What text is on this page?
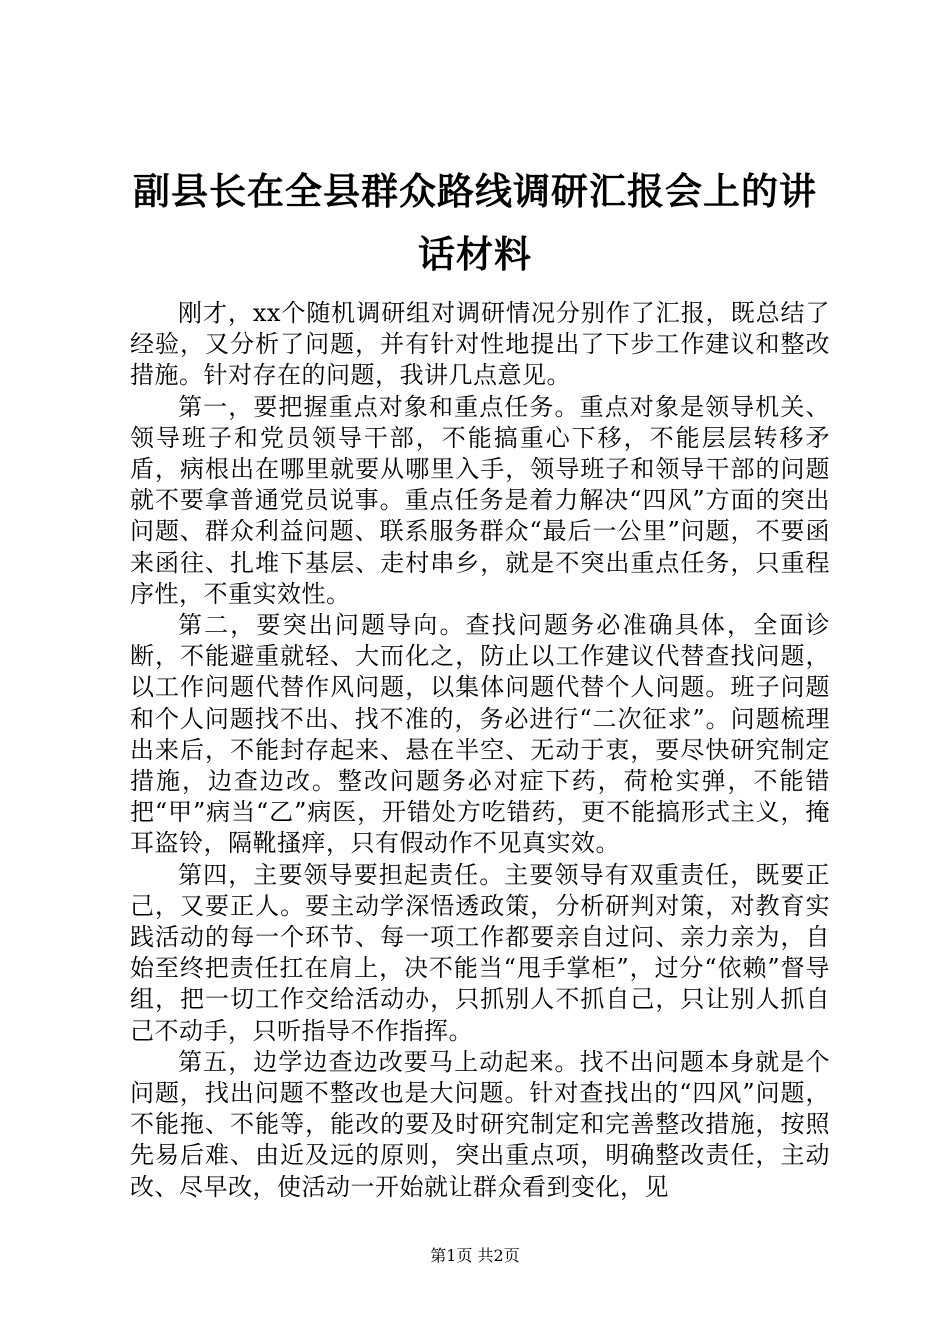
副县长在全县群众路线调研汇报会上的讲话材料

刚才，xx个随机调研组对调研情况分别作了汇报，既总结了经验，又分析了问题，并有针对性地提出了下步工作建议和整改措施。针对存在的问题，我讲几点意见。

第一，要把握重点对象和重点任务。重点对象是领导机关、领导班子和党员领导干部，不能搞重心下移，不能层层转移矛盾，病根出在哪里就要从哪里入手，领导班子和领导干部的问题就不要拿普通党员说事。重点任务是着力解决“四风”方面的突出问题、群众利益问题、联系服务群众“最后一公里”问题，不要函来函往、扎堆下基层、走村串乡，就是不突出重点任务，只重程序性，不重实效性。

第二，要突出问题导向。查找问题务必准确具体，全面诊断，不能避重就轻、大而化之，防止以工作建议代替查找问题，以工作问题代替作风问题，以集体问题代替个人问题。班子问题和个人问题找不出、找不准的，务必进行“二次征求”。问题梳理出来后，不能封存起来、悬在半空、无动于衷，要尽快研究制定措施，边查边改。整改问题务必对症下药，荷枪实弹，不能错把“甲”病当“乙”病医，开错处方吃错药，更不能搞形式主义，掩耳盗铃，隔靴搔痒，只有假动作不见真实效。

第四，主要领导要担起责任。主要领导有双重责任，既要正己，又要正人。要主动学深悟透政策，分析研判对策，对教育实践活动的每一个环节、每一项工作都要亲自过问、亲力亲为，自始至终把责任扛在肩上，决不能当“甩手掌柜”，过分“依赖”督导组，把一切工作交给活动办，只抓别人不抓自己，只让别人抓自己不动手，只听指导不作指挥。

第五，边学边查边改要马上动起来。找不出问题本身就是个问题，找出问题不整改也是大问题。针对查找出的“四风”问题，不能拖、不能等，能改的要及时研究制定和完善整改措施，按照先易后难、由近及远的原则，突出重点项，明确整改责任，主动改、尽早改，使活动一开始就让群众看到变化，见

第1页 共2页
